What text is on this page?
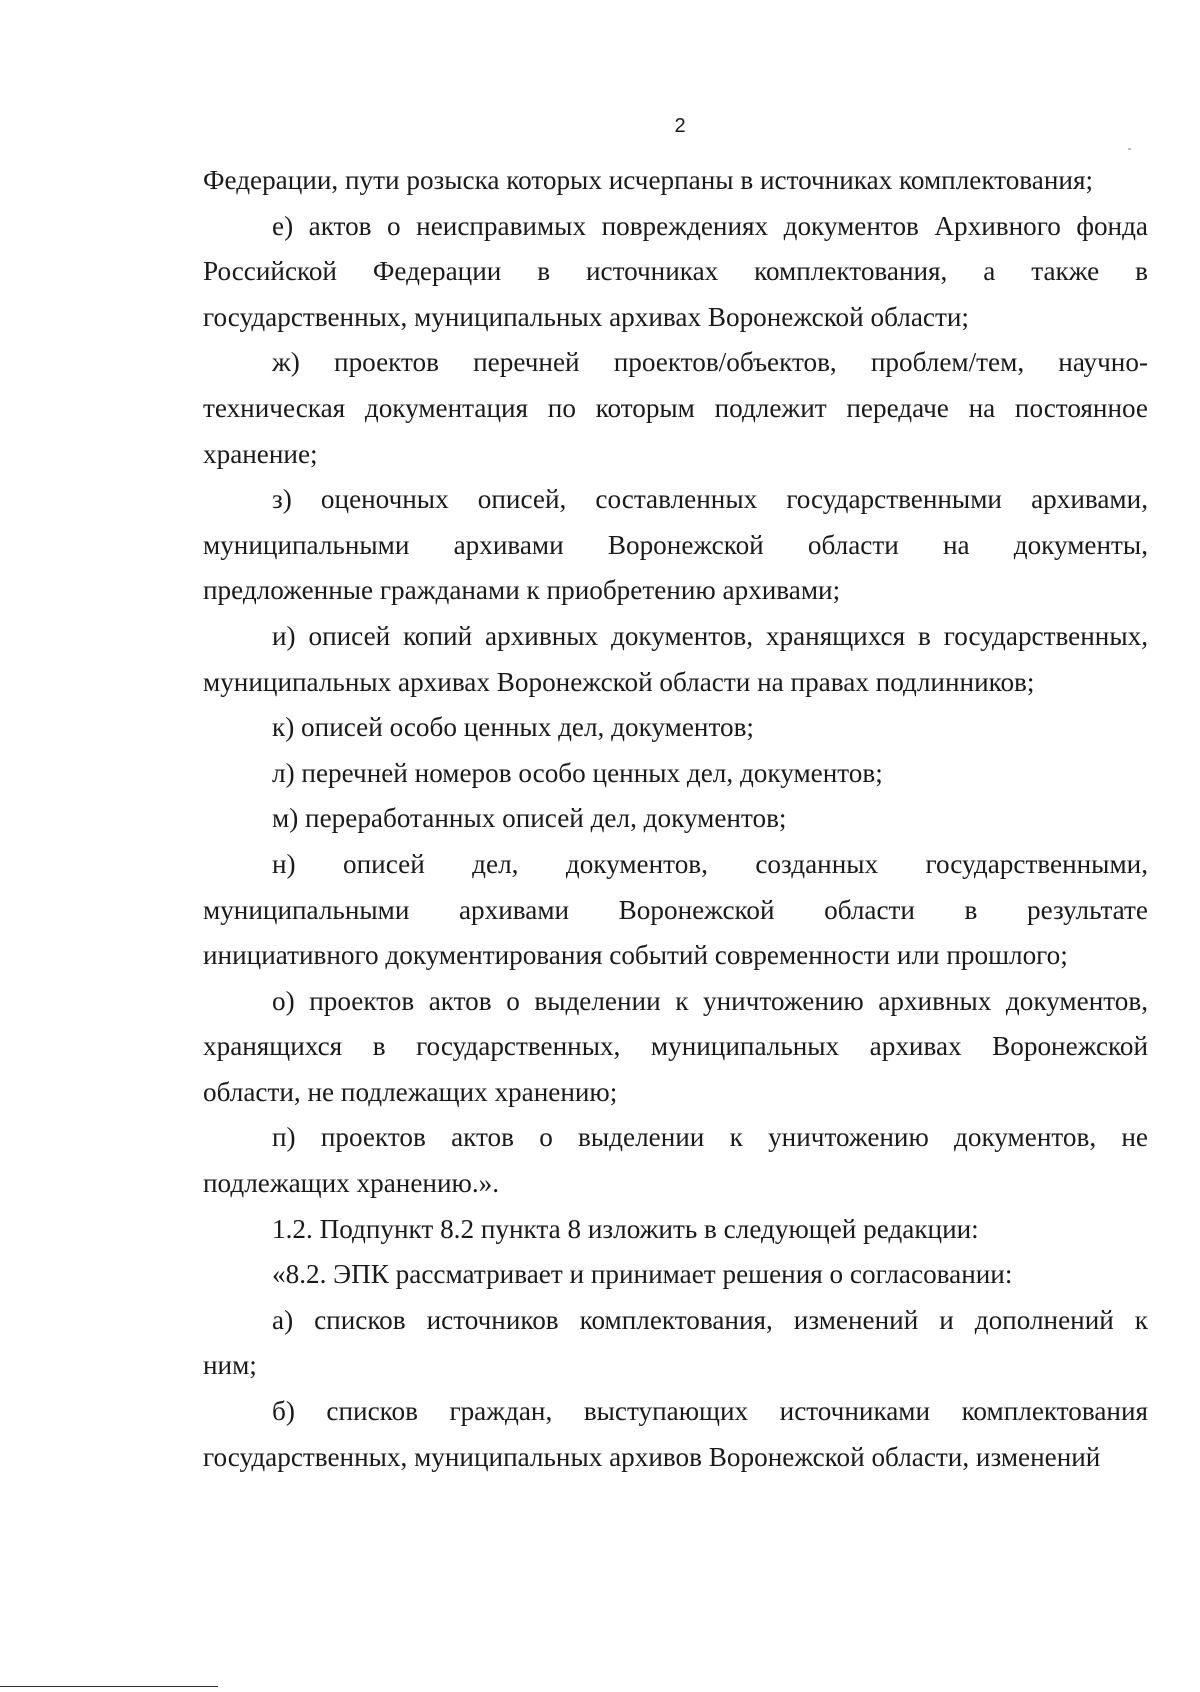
2
Федерации, пути розыска которых исчерпаны в источниках комплектования;
е) актов о неисправимых повреждениях документов Архивного фонда
Российской Федерации в источниках комплектования, а также в
государственных, муниципальных архивах Воронежской области;
ж) проектов перечней проектов/объектов, проблем/тем, научно-
техническая документация по которым подлежит передаче на постоянное
хранение;
з) оценочных описей, составленных государственными архивами,
муниципальными архивами Воронежской области на документы,
предложенные гражданами к приобретению архивами;
и) описей копий архивных документов, хранящихся в государственных,
муниципальных архивах Воронежской области на правах подлинников;
к) описей особо ценных дел, документов;
л) перечней номеров особо ценных дел, документов;
м) переработанных описей дел, документов;
н) описей дел, документов, созданных государственными,
муниципальными архивами Воронежской области в результате
инициативного документирования событий современности или прошлого;
о) проектов актов о выделении к уничтожению архивных документов,
хранящихся в государственных, муниципальных архивах Воронежской
области, не подлежащих хранению;
п) проектов актов о выделении к уничтожению документов, не
подлежащих хранению.».
1.2. Подпункт 8.2 пункта 8 изложить в следующей редакции:
«8.2. ЭПК рассматривает и принимает решения о согласовании:
а) списков источников комплектования, изменений и дополнений к
ним;
б) списков граждан, выступающих источниками комплектования
государственных, муниципальных архивов Воронежской области, изменений
